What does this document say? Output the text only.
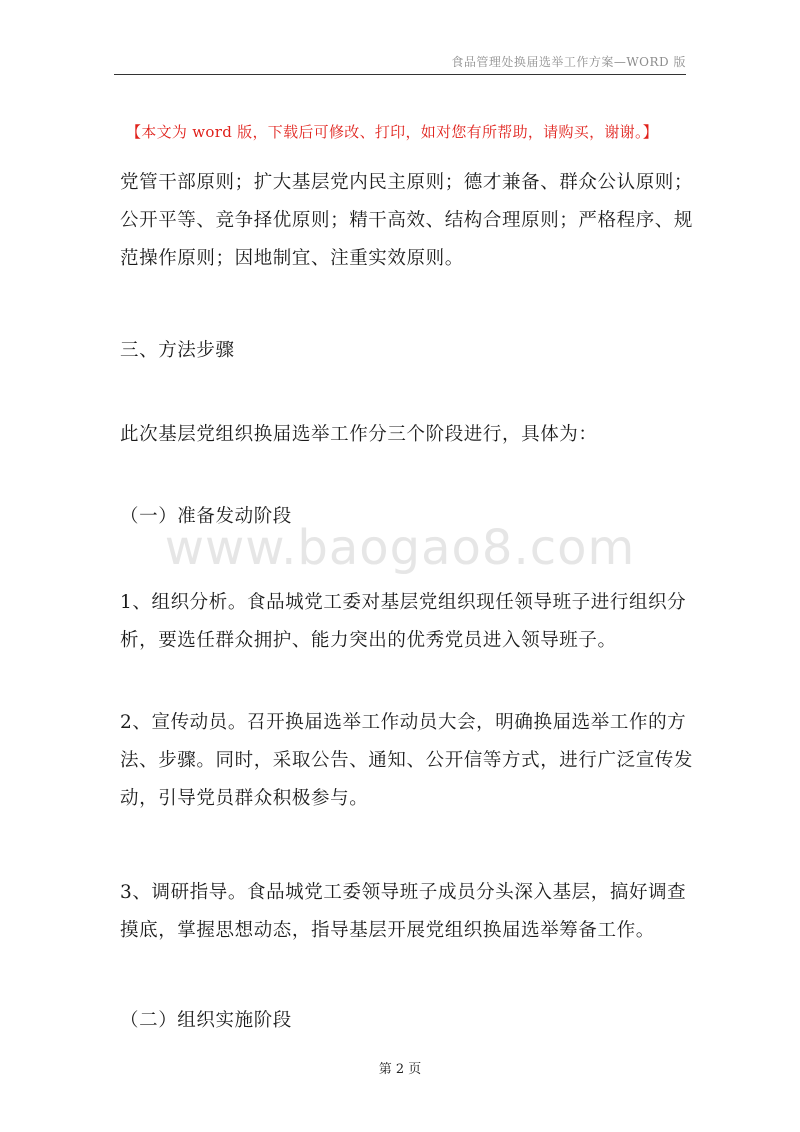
食品管理处换届选举工作方案—WORD 版
【本文为 word 版，下载后可修改、打印，如对您有所帮助，请购买，谢谢。】

党管干部原则；扩大基层党内民主原则；德才兼备、群众公认原则；公开平等、竞争择优原则；精干高效、结构合理原则；严格程序、规范操作原则；因地制宜、注重实效原则。

三、方法步骤

此次基层党组织换届选举工作分三个阶段进行，具体为：

（一）准备发动阶段

1、组织分析。食品城党工委对基层党组织现任领导班子进行组织分析，要选任群众拥护、能力突出的优秀党员进入领导班子。

2、宣传动员。召开换届选举工作动员大会，明确换届选举工作的方法、步骤。同时，采取公告、通知、公开信等方式，进行广泛宣传发动，引导党员群众积极参与。

3、调研指导。食品城党工委领导班子成员分头深入基层，搞好调查摸底，掌握思想动态，指导基层开展党组织换届选举筹备工作。

（二）组织实施阶段

www.baogao8.com
第 2 页
